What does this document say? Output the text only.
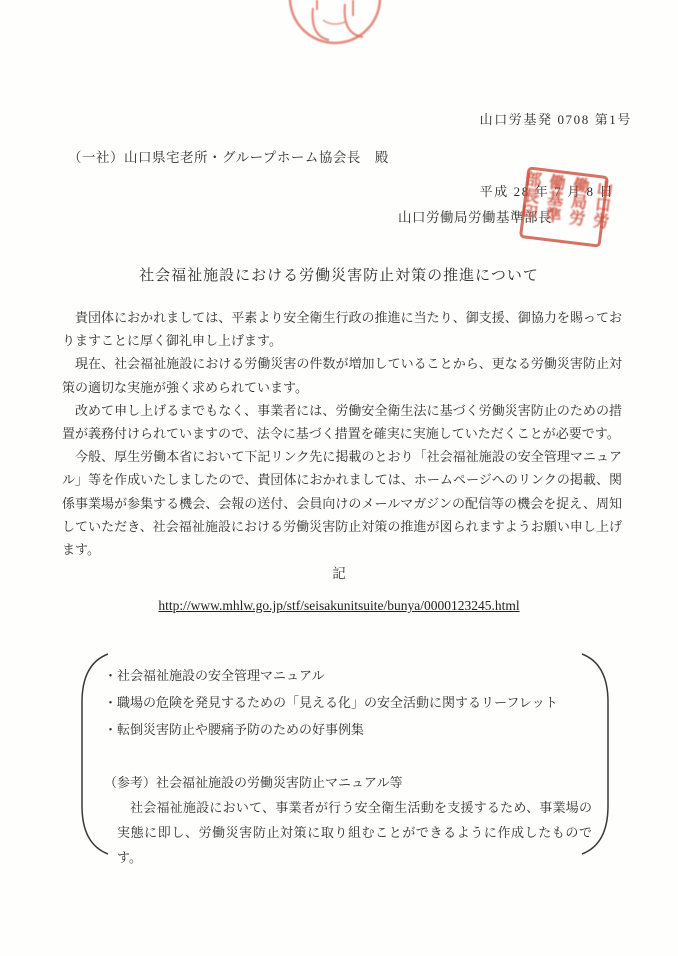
山口労基発 0708 第1号

平成 28 年 7 月 8 日

（一社）山口県宅老所・グループホーム協会長　殿
山口労働局労働基準部長	山口労働局労働基準部長印
社会福祉施設における労働災害防止対策の推進について

貴団体におかれましては、平素より安全衛生行政の推進に当たり、御支援、御協力を賜っておりますことに厚く御礼申し上げます。

現在、社会福祉施設における労働災害の件数が増加していることから、更なる労働災害防止対策の適切な実施が強く求められています。

改めて申し上げるまでもなく、事業者には、労働安全衛生法に基づく労働災害防止のための措置が義務付けられていますので、法令に基づく措置を確実に実施していただくことが必要です。

今般、厚生労働本省において下記リンク先に掲載のとおり「社会福祉施設の安全管理マニュアル」等を作成いたしましたので、貴団体におかれましては、ホームページへのリンクの掲載、関係事業場が参集する機会、会報の送付、会員向けのメールマガジンの配信等の機会を捉え、周知していただき、社会福祉施設における労働災害防止対策の推進が図られますようお願い申し上げます。

記
http://www.mhlw.go.jp/stf/seisakunitsuite/bunya/0000123245.html

・社会福祉施設の安全管理マニュアル

・職場の危険を発見するための「見える化」の安全活動に関するリーフレット

・転倒災害防止や腰痛予防のための好事例集

（参考）社会福祉施設の労働災害防止マニュアル等

社会福祉施設において、事業者が行う安全衛生活動を支援するため、事業場の実態に即し、労働災害防止対策に取り組むことができるように作成したものです。
